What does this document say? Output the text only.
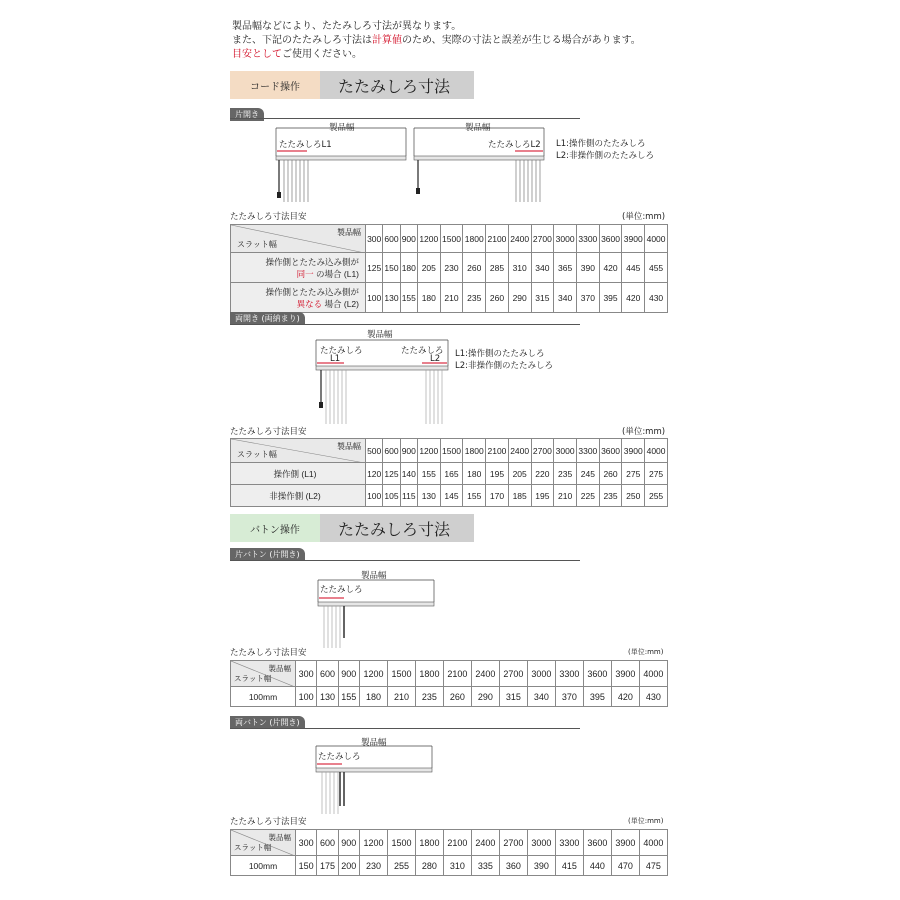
製品幅などにより、たたみしろ寸法が異なります。
また、下記のたたみしろ寸法は計算値のため、実際の寸法と誤差が生じる場合があります。
目安としてご使用ください。
コード操作	たたみしろ寸法
片開き
製品幅	製品幅
たたみしろL1	たたみしろL2 L1:操作側のたたみしろ
L2:非操作側のたたみしろ
たたみしろ寸法目安	(単位:mm)
製品幅
スラット幅	300	600	900	1200	1500	1800	2100	2400	2700	3000	3300	3600	3900	4000

操作側とたたみ込み側が
同一 の場合 (L1)	125	150	180	205	230	260	285	310	340	365	390	420	445	455

操作側とたたみ込み側が
異なる 場合 (L2)	100	130	155	180	210	235	260	290	315	340	370	395	420	430
両開き (両納まり)
製品幅
たたみしろ	たたみしろ
L1	L2 L1:操作側のたたみしろ
L2:非操作側のたたみしろ
たたみしろ寸法目安	(単位:mm)
製品幅
スラット幅	500	600	900	1200	1500	1800	2100	2400	2700	3000	3300	3600	3900	4000
操作側 (L1)	120	125	140	155	165	180	195	205	220	235	245	260	275	275
非操作側 (L2)	100	105	115	130	145	155	170	185	195	210	225	235	250	255
バトン操作	たたみしろ寸法
片バトン (片開き)
製品幅
たたみしろ
たたみしろ寸法目安	(単位:mm)
製品幅
スラット幅	300	600	900	1200	1500	1800	2100	2400	2700	3000	3300	3600	3900	4000
100mm	100	130	155	180	210	235	260	290	315	340	370	395	420	430
両バトン (片開き)
製品幅
たたみしろ
たたみしろ寸法目安	(単位:mm)
製品幅
スラット幅	300	600	900	1200	1500	1800	2100	2400	2700	3000	3300	3600	3900	4000
100mm	150	175	200	230	255	280	310	335	360	390	415	440	470	475
